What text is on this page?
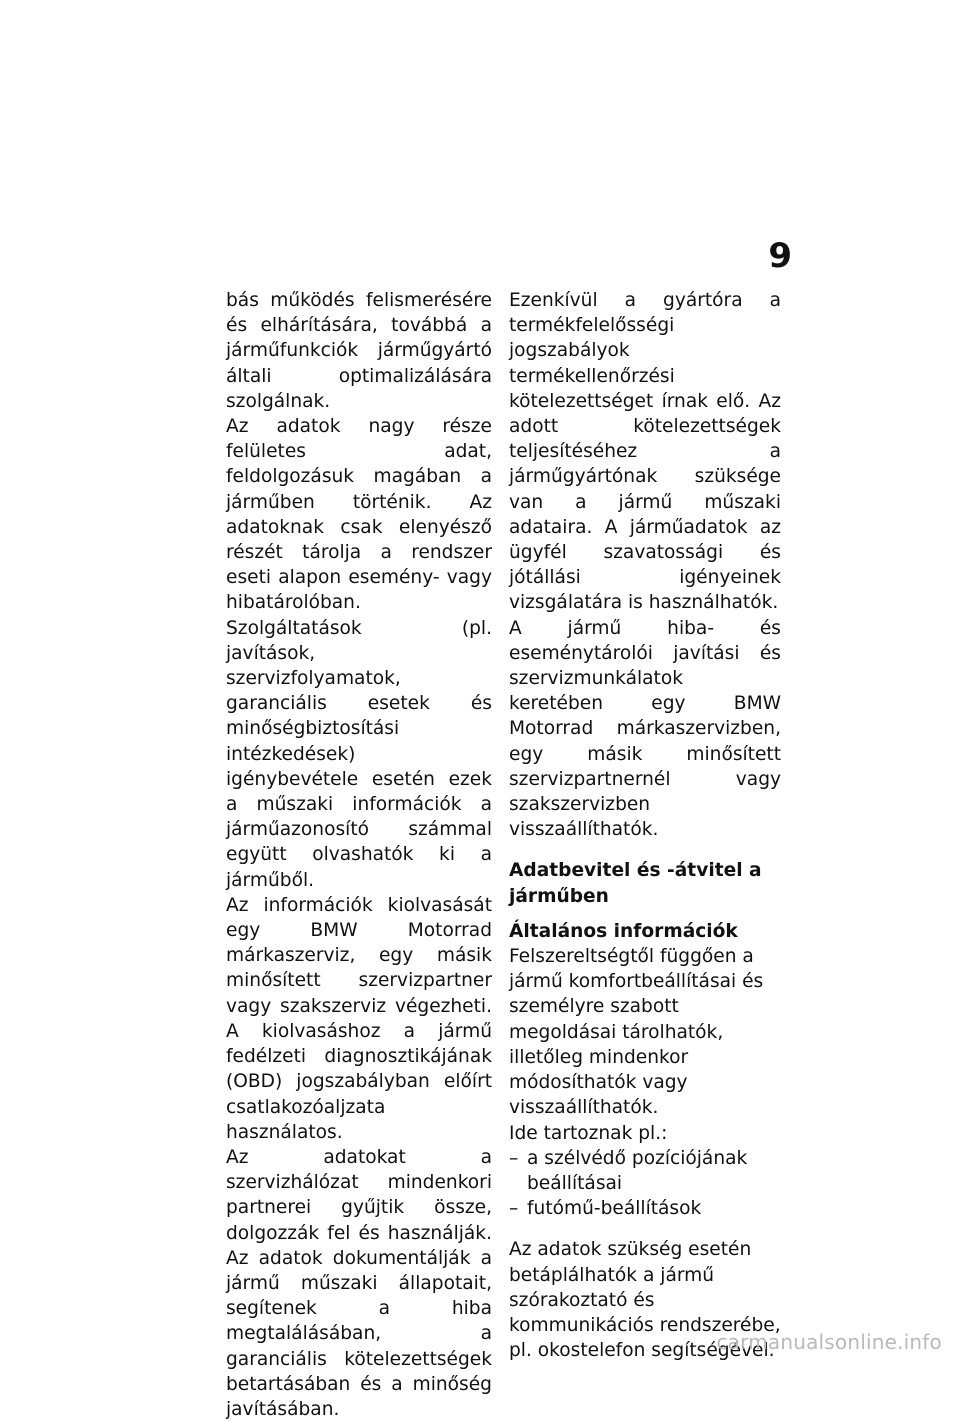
9

bás működés felismerésére és elhárítására, továbbá a járműfunkciók járműgyártó általi optimalizálására szolgálnak.

Az adatok nagy része felületes adat, feldolgozásuk magában a járműben történik. Az adatoknak csak elenyésző részét tárolja a rendszer eseti alapon esemény- vagy hibatárolóban.

Szolgáltatások (pl. javítások, szervizfolyamatok, garanciális esetek és minőségbiztosítási intézkedések) igénybevétele esetén ezek a műszaki információk a járműazonosító számmal együtt olvashatók ki a járműből.

Az információk kiolvasását egy BMW Motorrad márkaszerviz, egy másik minősített szervizpartner vagy szakszerviz végezheti. A kiolvasáshoz a jármű fedélzeti diagnosztikájának (OBD) jogszabályban előírt csatlakozóaljzata használatos.

Az adatokat a szervizhálózat mindenkori partnerei gyűjtik össze, dolgozzák fel és használják. Az adatok dokumentálják a jármű műszaki állapotait, segítenek a hiba megtalálásában, a garanciális kötelezettségek betartásában és a minőség javításában.

Ezenkívül a gyártóra a termékfelelősségi jogszabályok termékellenőrzési kötelezettséget írnak elő. Az adott kötelezettségek teljesítéséhez a járműgyártónak szüksége van a jármű műszaki adataira. A járműadatok az ügyfél szavatossági és jótállási igényeinek vizsgálatára is használhatók.

A jármű hiba- és eseménytárolói javítási és szervizmunkálatok keretében egy BMW Motorrad márkaszervizben, egy másik minősített szervizpartnernél vagy szakszervizben visszaállíthatók.

Adatbevitel és -átvitel a járműben
Általános információk

Felszereltségtől függően a jármű komfortbeállításai és személyre szabott megoldásai tárolhatók, illetőleg mindenkor módosíthatók vagy visszaállíthatók.

Ide tartoznak pl.:

– a szélvédő pozíciójának beállításai
– futómű-beállítások

Az adatok szükség esetén betáplálhatók a jármű szórakoztató és kommunikációs rendszerébe, pl. okostelefon segítségével.

carmanualsonline.info
